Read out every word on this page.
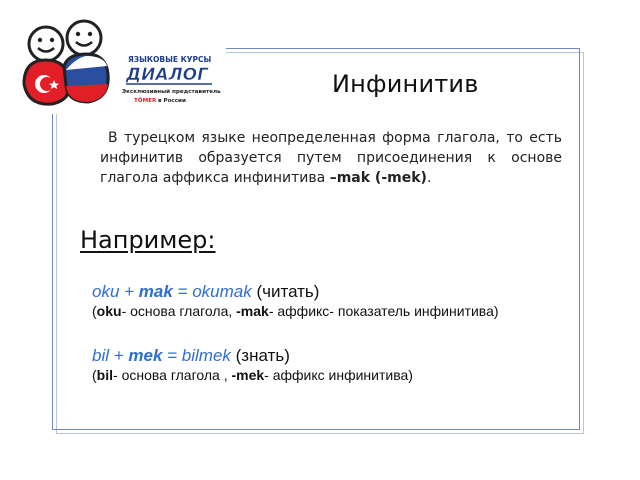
ЯЗЫКОВЫЕ КУРСЫ
ДИАЛОГ
Эксклюзивный представитель
TÖMER в России
Инфинитив
В турецком языке неопределенная форма глагола, то есть инфинитив образуется путем присоединения к основе глагола аффикса инфинитива –mak (-mek).
Например:
oku + mak = okumak (читать)
(oku- основа глагола, -mak- аффикс- показатель инфинитива)
bil + mek = bilmek (знать)
(bil- основа глагола , -mek- аффикс инфинитива)
